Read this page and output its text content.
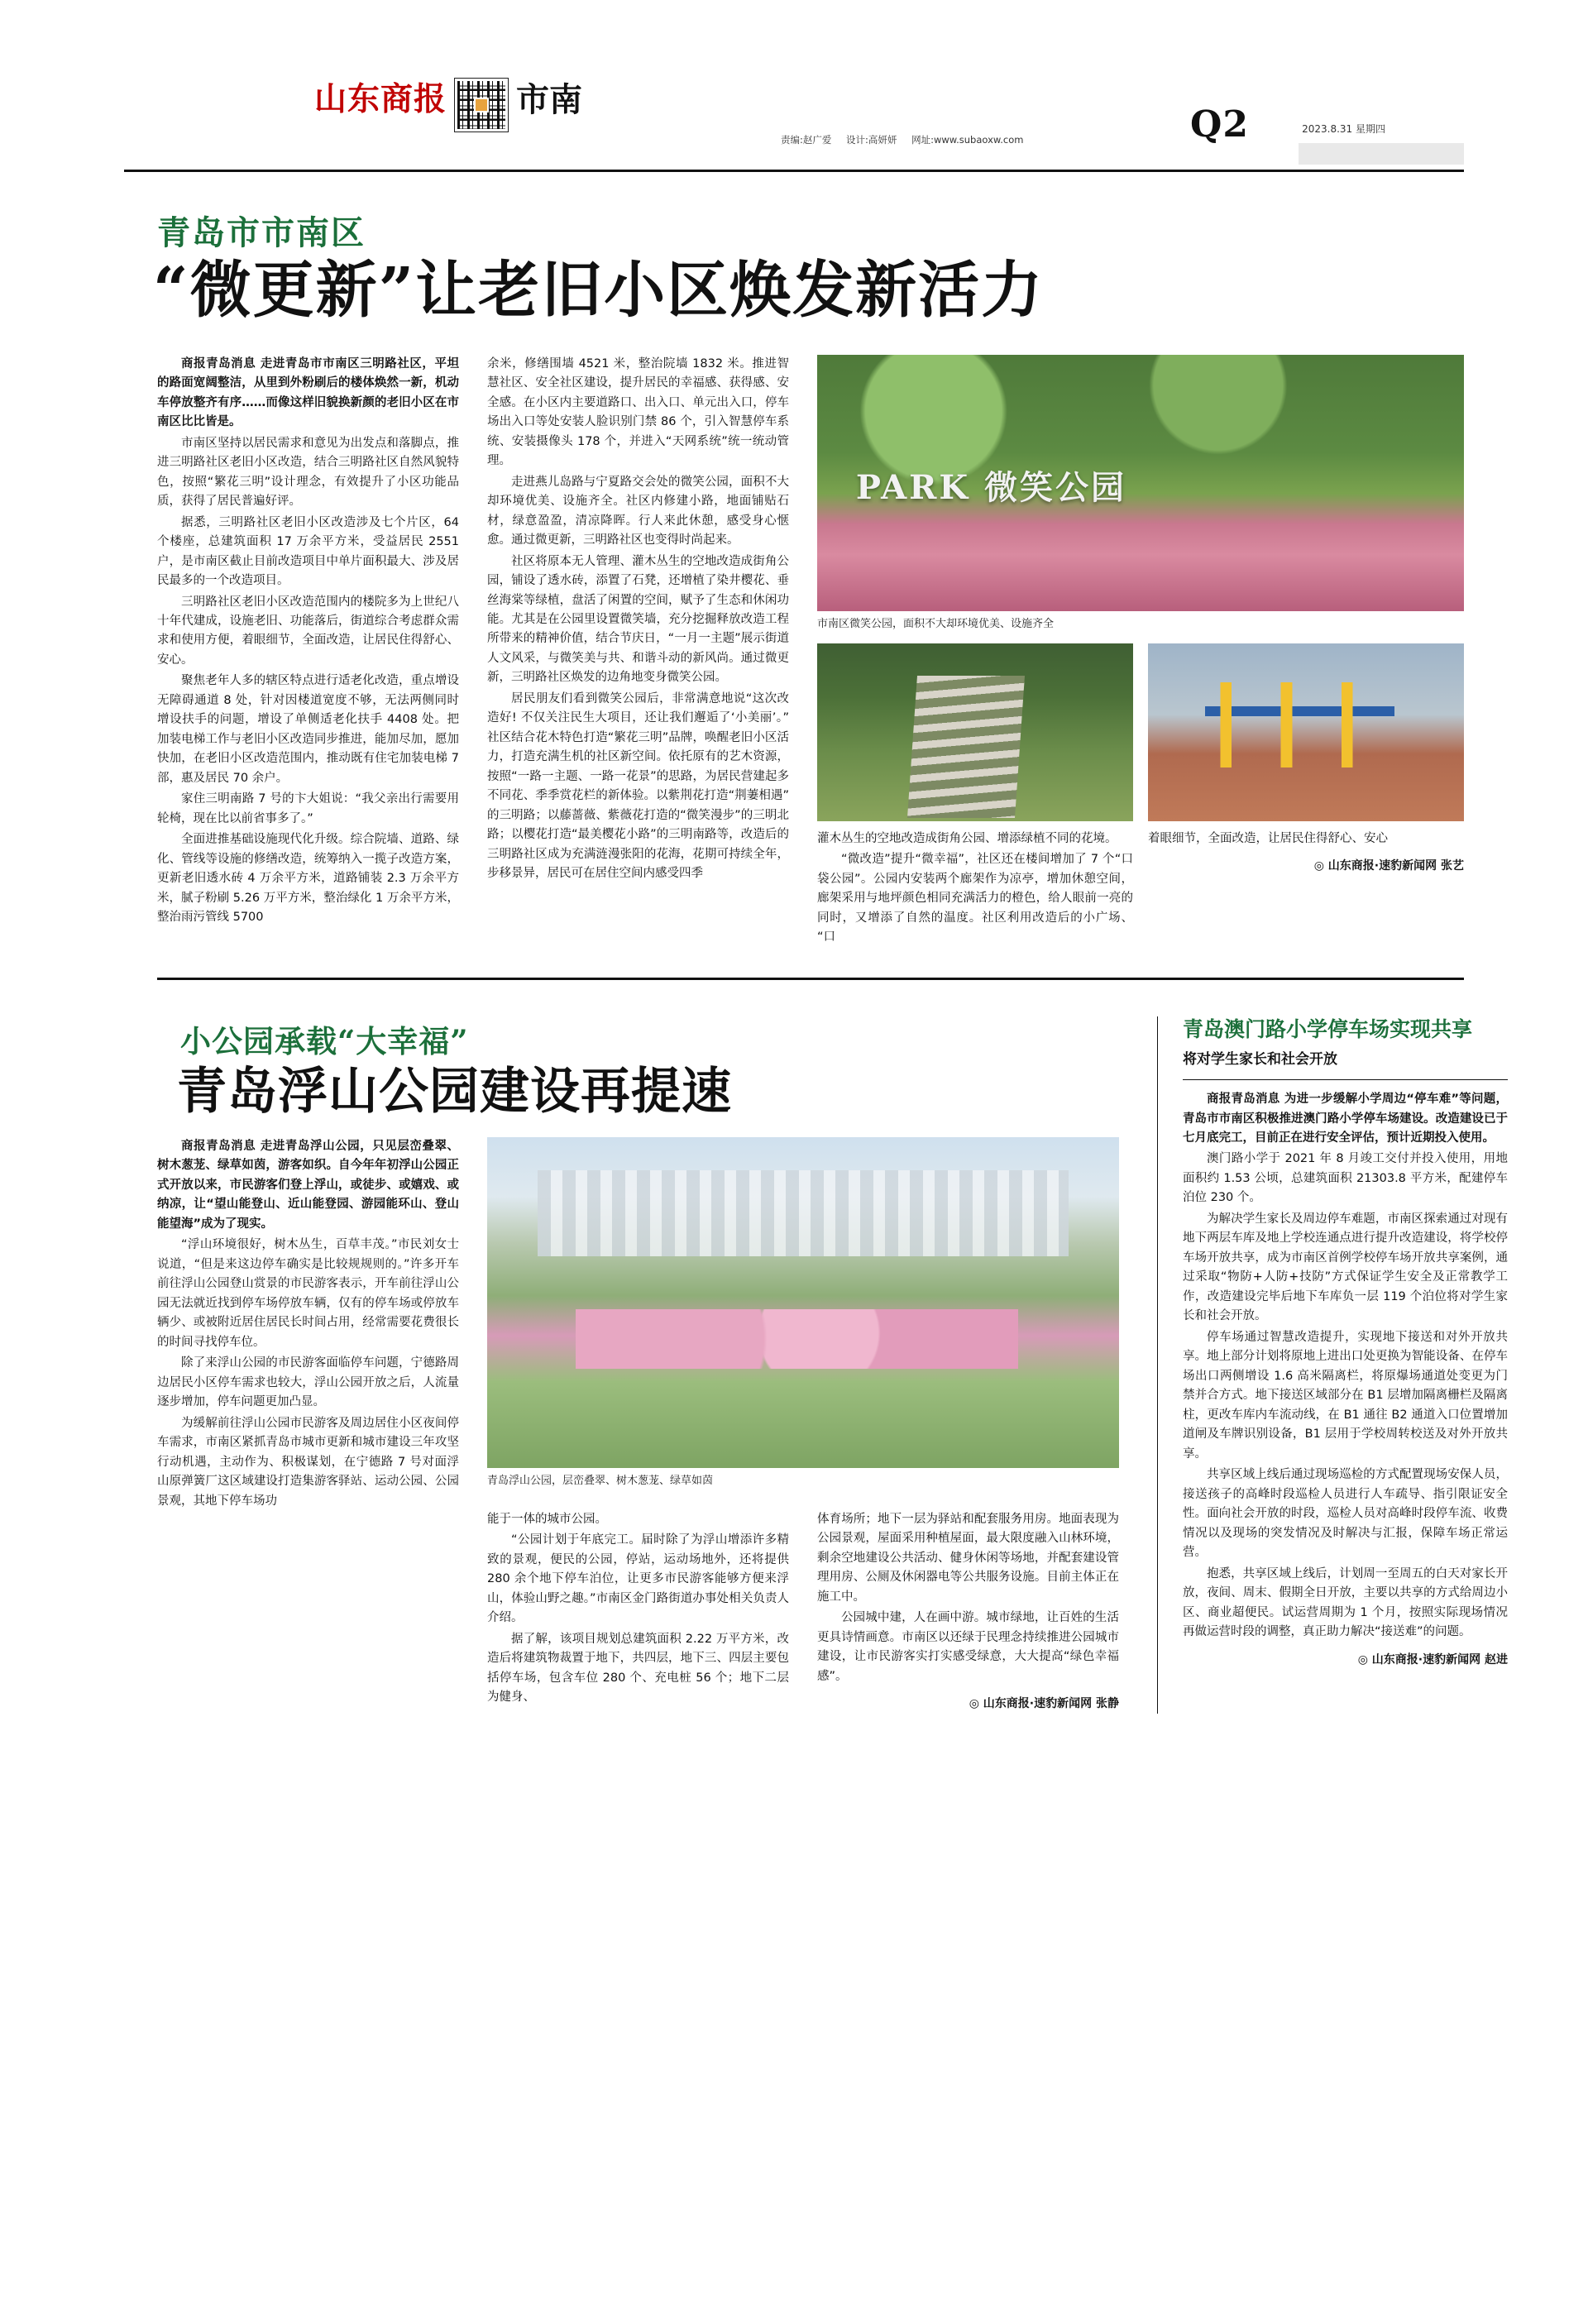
山东商报 市南
责编:赵广爱 设计:高妍妍 网址:www.subaoxw.com	Q2	2023.8.31 星期四
青岛市市南区
“微更新”让老旧小区焕发新活力

商报青岛消息 走进青岛市市南区三明路社区，平坦的路面宽阔整洁，从里到外粉刷后的楼体焕然一新，机动车停放整齐有序……而像这样旧貌换新颜的老旧小区在市南区比比皆是。

市南区坚持以居民需求和意见为出发点和落脚点，推进三明路社区老旧小区改造，结合三明路社区自然风貌特色，按照“繁花三明”设计理念，有效提升了小区功能品质，获得了居民普遍好评。

据悉，三明路社区老旧小区改造涉及七个片区，64 个楼座，总建筑面积 17 万余平方米，受益居民 2551 户，是市南区截止目前改造项目中单片面积最大、涉及居民最多的一个改造项目。

三明路社区老旧小区改造范围内的楼院多为上世纪八十年代建成，设施老旧、功能落后，街道综合考虑群众需求和使用方便，着眼细节，全面改造，让居民住得舒心、安心。

聚焦老年人多的辖区特点进行适老化改造，重点增设无障碍通道 8 处，针对因楼道宽度不够，无法两侧同时增设扶手的问题，增设了单侧适老化扶手 4408 处。把加装电梯工作与老旧小区改造同步推进，能加尽加，愿加快加，在老旧小区改造范围内，推动既有住宅加装电梯 7 部，惠及居民 70 余户。

家住三明南路 7 号的卞大姐说：“我父亲出行需要用轮椅，现在比以前省事多了。”

全面进推基础设施现代化升级。综合院墙、道路、绿化、管线等设施的修缮改造，统筹纳入一揽子改造方案，更新老旧透水砖 4 万余平方米，道路铺装 2.3 万余平方米，腻子粉刷 5.26 万平方米，整治绿化 1 万余平方米，整治雨污管线 5700

余米，修缮围墙 4521 米，整治院墙 1832 米。推进智慧社区、安全社区建设，提升居民的幸福感、获得感、安全感。在小区内主要道路口、出入口、单元出入口，停车场出入口等处安装人脸识别门禁 86 个，引入智慧停车系统、安装摄像头 178 个，并进入“天网系统”统一统动管理。

走进燕儿岛路与宁夏路交会处的微笑公园，面积不大却环境优美、设施齐全。社区内修建小路，地面铺贴石材，绿意盈盈，清凉降晖。行人来此休憩，感受身心惬愈。通过微更新，三明路社区也变得时尚起来。

社区将原本无人管理、灌木丛生的空地改造成街角公园，铺设了透水砖，添置了石凳，还增植了染井樱花、垂丝海棠等绿植，盘活了闲置的空间，赋予了生态和休闲功能。尤其是在公园里设置微笑墙，充分挖掘释放改造工程所带来的精神价值，结合节庆日，“一月一主题”展示街道人文风采，与微笑美与共、和谐斗动的新风尚。通过微更新，三明路社区焕发的边角地变身微笑公园。

居民朋友们看到微笑公园后，非常满意地说“这次改造好! 不仅关注民生大项目，还让我们邂逅了‘小美丽’。”社区结合花木特色打造“繁花三明”品牌，唤醒老旧小区活力，打造充满生机的社区新空间。依托原有的艺木资源，按照“一路一主题、一路一花景”的思路，为居民营建起多不同花、季季赏花栏的新体验。以紫荆花打造“荆萋相遇”的三明路；以藤蔷薇、紫薇花打造的“微笑漫步”的三明北路；以樱花打造“最美樱花小路”的三明南路等，改造后的三明路社区成为充满涟漫张阳的花海，花期可持续全年，步移景异，居民可在居住空间内感受四季

PARK 微笑公园
市南区微笑公园，面积不大却环境优美、设施齐全

灌木丛生的空地改造成街角公园、增添绿植不同的花境。

“微改造”提升“微幸福”，社区还在楼间增加了 7 个“口袋公园”。公园内安装两个廊架作为凉亭，增加休憩空间，廊架采用与地坪颜色相同充满活力的橙色，给人眼前一亮的同时，又增添了自然的温度。社区利用改造后的小广场、“口

着眼细节，全面改造，让居民住得舒心、安心

◎ 山东商报·速豹新闻网 张艺
小公园承载“大幸福”
青岛浮山公园建设再提速

商报青岛消息 走进青岛浮山公园，只见层峦叠翠、树木葱茏、绿草如茵，游客如织。自今年年初浮山公园正式开放以来，市民游客们登上浮山，或徒步、或嬉戏、或纳凉，让“望山能登山、近山能登园、游园能环山、登山能望海”成为了现实。

“浮山环境很好，树木丛生，百草丰茂。”市民刘女士说道，“但是来这边停车确实是比较规规则的。”许多开车前往浮山公园登山赏景的市民游客表示，开车前往浮山公园无法就近找到停车场停放车辆，仅有的停车场或停放车辆少、或被附近居住居民长时间占用，经常需要花费很长的时间寻找停车位。

除了来浮山公园的市民游客面临停车问题，宁德路周边居民小区停车需求也较大，浮山公园开放之后，人流量逐步增加，停车问题更加凸显。

为缓解前往浮山公园市民游客及周边居住小区夜间停车需求，市南区紧抓青岛市城市更新和城市建设三年攻坚行动机遇，主动作为、积极谋划，在宁德路 7 号对面浮山原弹簧厂这区域建设打造集游客驿站、运动公园、公园景观，其地下停车场功

青岛浮山公园，层峦叠翠、树木葱茏、绿草如茵

能于一体的城市公园。

“公园计划于年底完工。届时除了为浮山增添许多精致的景观，便民的公园，停站，运动场地外，还将提供 280 余个地下停车泊位，让更多市民游客能够方便来浮山，体验山野之趣。”市南区金门路街道办事处相关负责人介绍。

据了解，该项目规划总建筑面积 2.22 万平方米，改造后将建筑物裁置于地下，共四层，地下三、四层主要包括停车场，包含车位 280 个、充电桩 56 个；地下二层为健身、

体育场所；地下一层为驿站和配套服务用房。地面表现为公园景观，屋面采用种植屋面，最大限度融入山林环境，剩余空地建设公共活动、健身休闲等场地，并配套建设管理用房、公厕及休闲器电等公共服务设施。目前主体正在施工中。

公园城中建，人在画中游。城市绿地，让百姓的生活更具诗情画意。市南区以还绿于民理念持续推进公园城市建设，让市民游客实打实感受绿意，大大提高“绿色幸福感”。

◎ 山东商报·速豹新闻网 张静
青岛澳门路小学停车场实现共享
将对学生家长和社会开放

商报青岛消息 为进一步缓解小学周边“停车难”等问题，青岛市市南区积极推进澳门路小学停车场建设。改造建设已于七月底完工，目前正在进行安全评估，预计近期投入使用。

澳门路小学于 2021 年 8 月竣工交付并投入使用，用地面积约 1.53 公顷，总建筑面积 21303.8 平方米，配建停车泊位 230 个。

为解决学生家长及周边停车难题，市南区探索通过对现有地下两层车库及地上学校连通点进行提升改造建设，将学校停车场开放共享，成为市南区首例学校停车场开放共享案例，通过采取“物防+人防+技防”方式保证学生安全及正常教学工作，改造建设完毕后地下车库负一层 119 个泊位将对学生家长和社会开放。

停车场通过智慧改造提升，实现地下接送和对外开放共享。地上部分计划将原地上进出口处更换为智能设备、在停车场出口两侧增设 1.6 高米隔离栏，将原爆场通道处变更为门禁并合方式。地下接送区域部分在 B1 层增加隔离栅栏及隔离柱，更改车库内车流动线，在 B1 通往 B2 通道入口位置增加道闸及车牌识别设备，B1 层用于学校周转校送及对外开放共享。

共享区域上线后通过现场巡检的方式配置现场安保人员，接送孩子的高峰时段巡检人员进行人车疏导、指引限证安全性。面向社会开放的时段，巡检人员对高峰时段停车流、收费情况以及现场的突发情况及时解决与汇报，保障车场正常运营。

抱悉，共享区域上线后，计划周一至周五的白天对家长开放，夜间、周末、假期全日开放，主要以共享的方式给周边小区、商业超便民。试运营周期为 1 个月，按照实际现场情况再做运营时段的调整，真正助力解决“接送难”的问题。

◎ 山东商报·速豹新闻网 赵进
